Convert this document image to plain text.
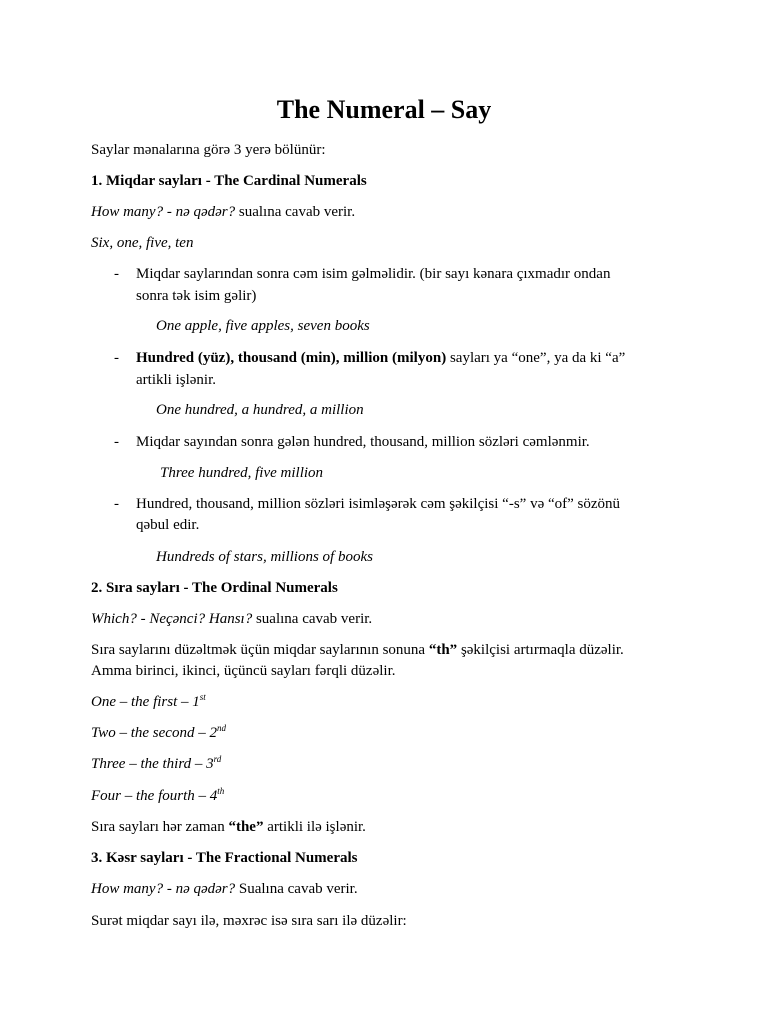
The Numeral – Say
Saylar mənalarına görə 3 yerə bölünür:
1. Miqdar sayları - The Cardinal Numerals
How many? - nə qədər? sualına cavab verir.
Six, one, five, ten
- Miqdar saylarından sonra cəm isim gəlməlidir. (bir sayı kənara çıxmadır ondan
sonra tək isim gəlir)
One apple, five apples, seven books
- Hundred (yüz), thousand (min), million (milyon) sayları ya “one”, ya da ki “a”
artikli işlənir.
One hundred, a hundred, a million
- Miqdar sayından sonra gələn hundred, thousand, million sözləri cəmlənmir.
Three hundred, five million
- Hundred, thousand, million sözləri isimləşərək cəm şəkilçisi “-s” və “of” sözönü
qəbul edir.
Hundreds of stars, millions of books
2. Sıra sayları - The Ordinal Numerals
Which? - Neçənci? Hansı? sualına cavab verir.
Sıra saylarını düzəltmək üçün miqdar saylarının sonuna “th” şəkilçisi artırmaqla düzəlir.
Amma birinci, ikinci, üçüncü sayları fərqli düzəlir.
One – the first – 1st
Two – the second – 2nd
Three – the third – 3rd
Four – the fourth – 4th
Sıra sayları hər zaman “the” artikli ilə işlənir.
3. Kəsr sayları - The Fractional Numerals
How many? - nə qədər? Sualına cavab verir.
Surət miqdar sayı ilə, məxrəc isə sıra sarı ilə düzəlir:
